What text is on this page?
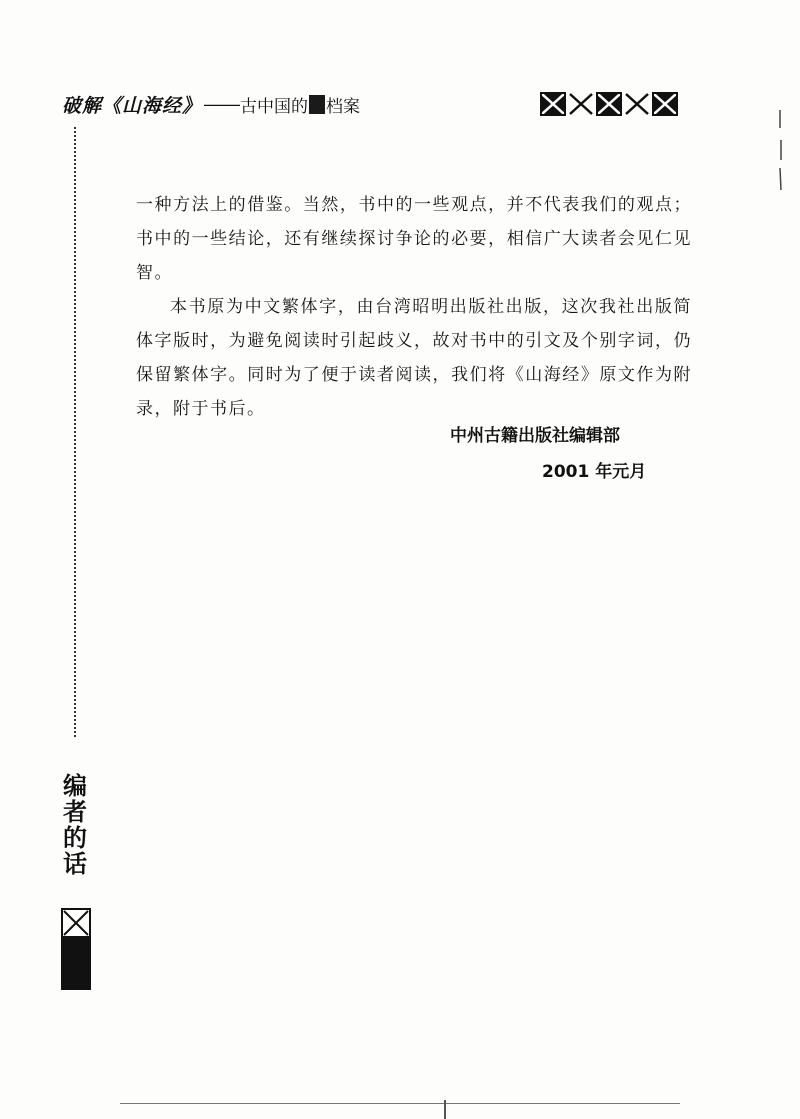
破解《山海经》 —— 古中国的 档案

一种方法上的借鉴。当然，书中的一些观点，并不代表我们的观点；书中的一些结论，还有继续探讨争论的必要，相信广大读者会见仁见智。

本书原为中文繁体字，由台湾昭明出版社出版，这次我社出版简体字版时，为避免阅读时引起歧义，故对书中的引文及个别字词，仍保留繁体字。同时为了便于读者阅读，我们将《山海经》原文作为附录，附于书后。

中州古籍出版社编辑部
2001 年元月
编
者
的
话
